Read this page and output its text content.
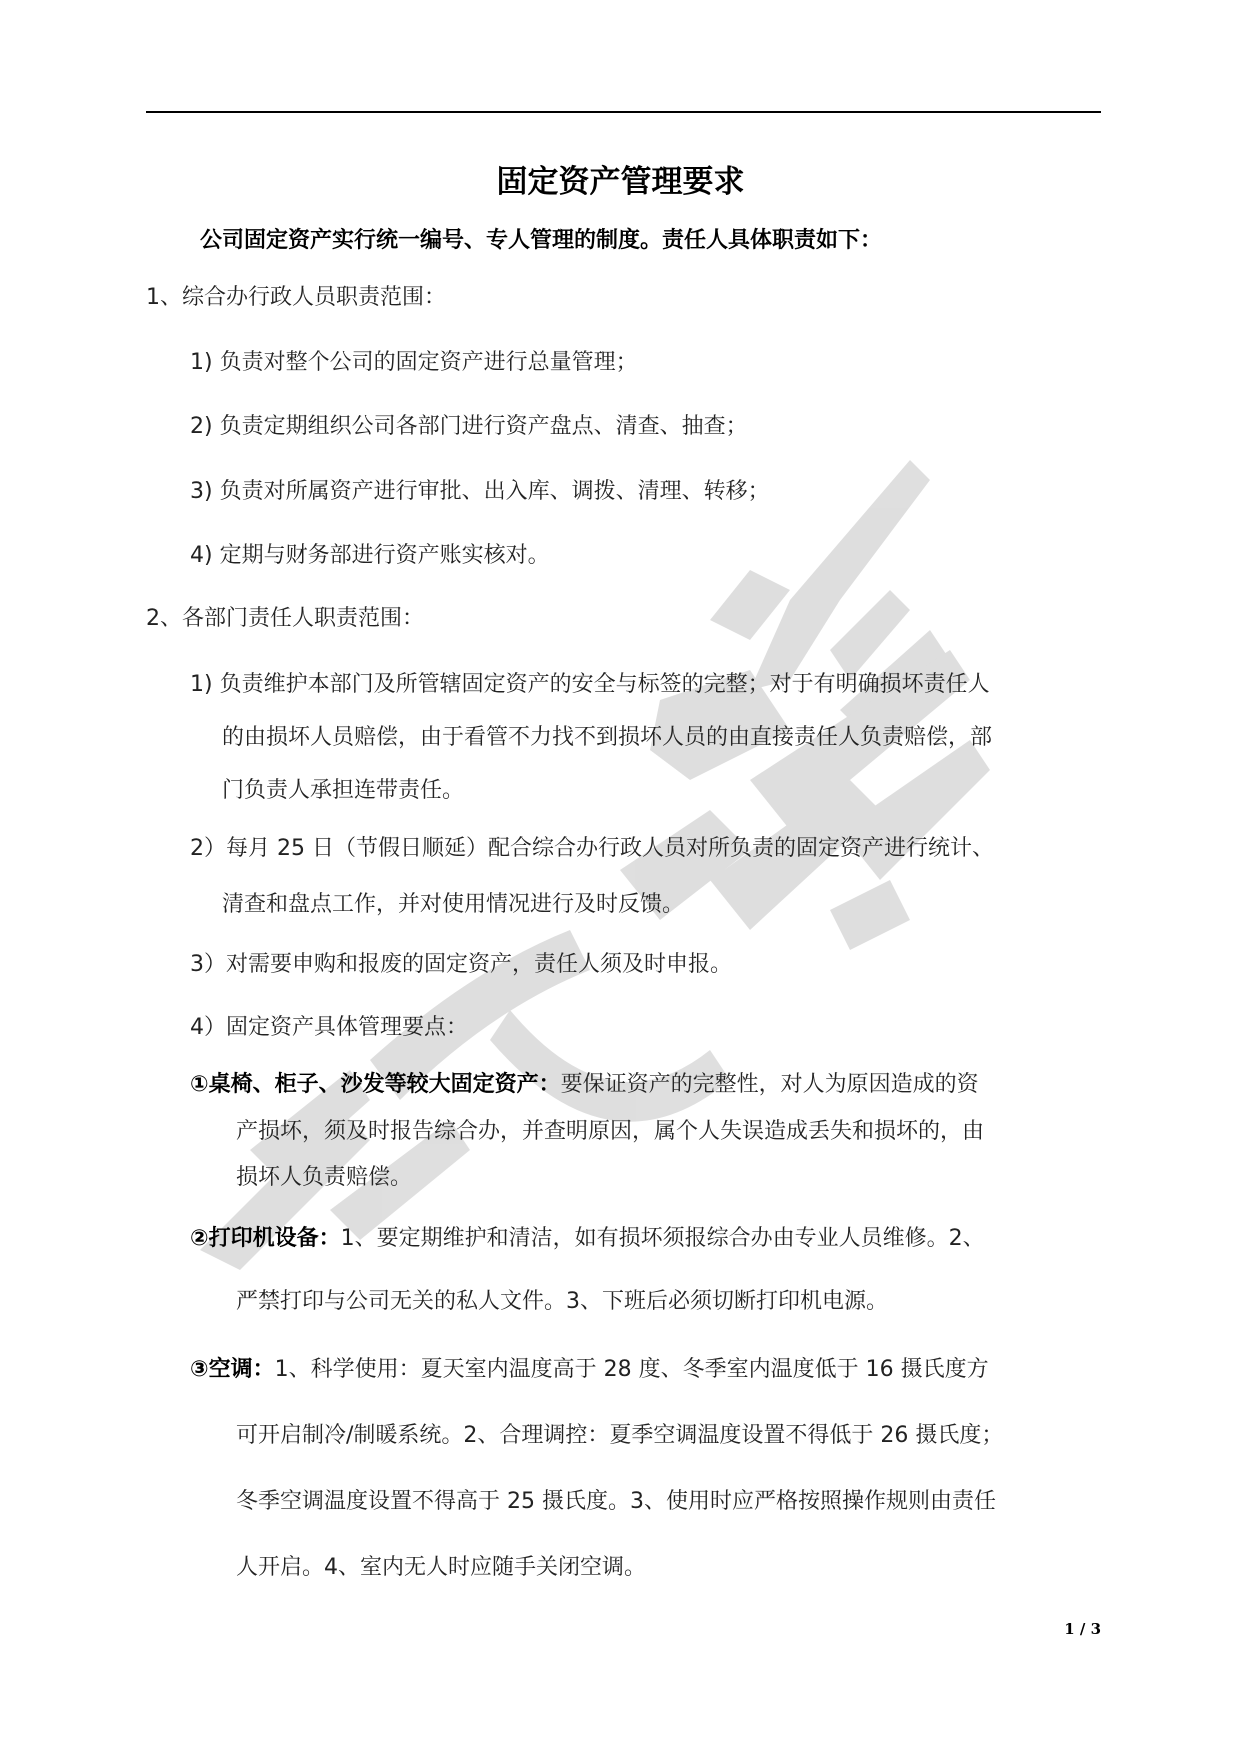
固定资产管理要求
公司固定资产实行统一编号、专人管理的制度。责任人具体职责如下：
1、综合办行政人员职责范围：
1) 负责对整个公司的固定资产进行总量管理；
2) 负责定期组织公司各部门进行资产盘点、清查、抽查；
3) 负责对所属资产进行审批、出入库、调拨、清理、转移；
4) 定期与财务部进行资产账实核对。
2、各部门责任人职责范围：
1) 负责维护本部门及所管辖固定资产的安全与标签的完整；对于有明确损坏责任人
的由损坏人员赔偿，由于看管不力找不到损坏人员的由直接责任人负责赔偿，部
门负责人承担连带责任。
2）每月 25 日（节假日顺延）配合综合办行政人员对所负责的固定资产进行统计、
清查和盘点工作，并对使用情况进行及时反馈。
3）对需要申购和报废的固定资产，责任人须及时申报。
4）固定资产具体管理要点：
①桌椅、柜子、沙发等较大固定资产：要保证资产的完整性，对人为原因造成的资
产损坏，须及时报告综合办，并查明原因，属个人失误造成丢失和损坏的，由
损坏人负责赔偿。
②打印机设备：1、要定期维护和清洁，如有损坏须报综合办由专业人员维修。2、
严禁打印与公司无关的私人文件。3、下班后必须切断打印机电源。
③空调：1、科学使用：夏天室内温度高于 28 度、冬季室内温度低于 16 摄氏度方
可开启制冷/制暖系统。2、合理调控：夏季空调温度设置不得低于 26 摄氏度；
冬季空调温度设置不得高于 25 摄氏度。3、使用时应严格按照操作规则由责任
人开启。4、室内无人时应随手关闭空调。
1 / 3
